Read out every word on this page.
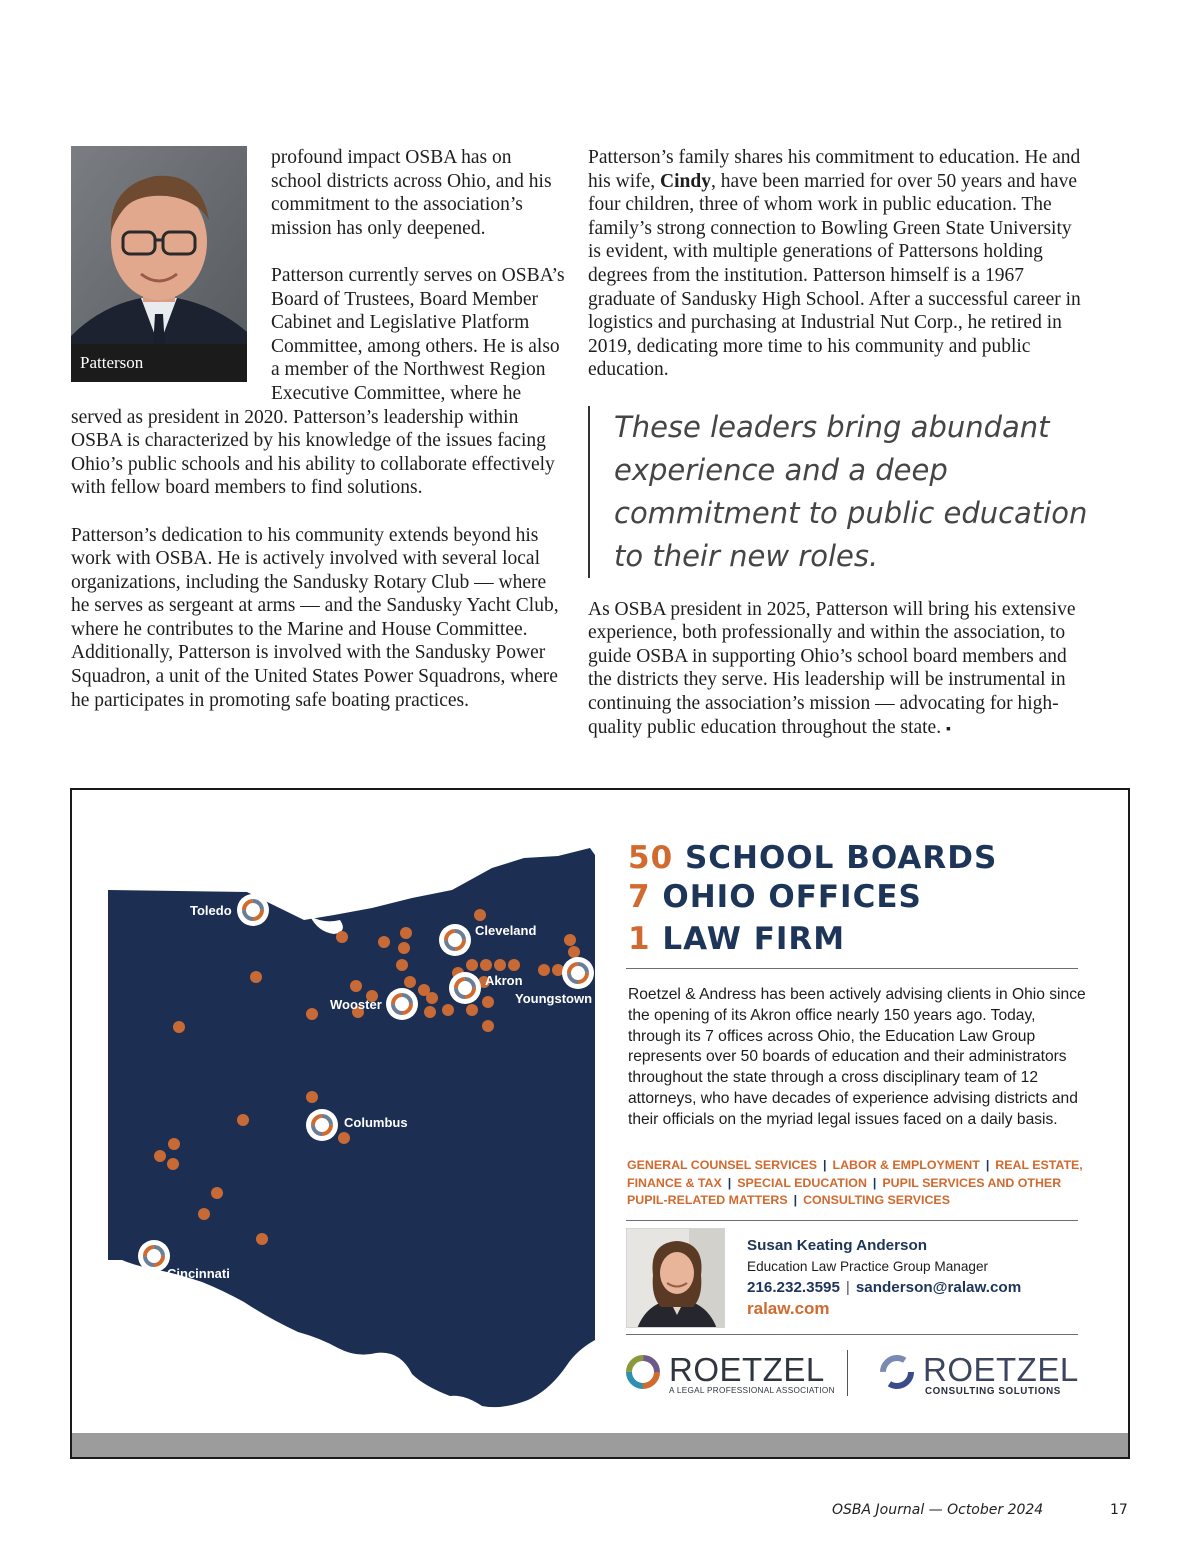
Patterson

profound impact OSBA has on school districts across Ohio, and his commitment to the association’s mission has only deepened.

Patterson currently serves on OSBA’s Board of Trustees, Board Member Cabinet and Legislative Platform Committee, among others. He is also a member of the Northwest Region Executive Committee, where he served as president in 2020. Patterson’s leadership within OSBA is characterized by his knowledge of the issues facing Ohio’s public schools and his ability to collaborate effectively with fellow board members to find solutions.

Patterson’s dedication to his community extends beyond his work with OSBA. He is actively involved with several local organizations, including the Sandusky Rotary Club — where he serves as sergeant at arms — and the Sandusky Yacht Club, where he contributes to the Marine and House Committee. Additionally, Patterson is involved with the Sandusky Power Squadron, a unit of the United States Power Squadrons, where he participates in promoting safe boating practices.

Patterson’s family shares his commitment to education. He and his wife, Cindy, have been married for over 50 years and have four children, three of whom work in public education. The family’s strong connection to Bowling Green State University is evident, with multiple generations of Pattersons holding degrees from the institution. Patterson himself is a 1967 graduate of Sandusky High School. After a successful career in logistics and purchasing at Industrial Nut Corp., he retired in 2019, dedicating more time to his community and public education.

These leaders bring abundant experience and a deep commitment to public education to their new roles.

As OSBA president in 2025, Patterson will bring his extensive experience, both professionally and within the association, to guide OSBA in supporting Ohio’s school board members and the districts they serve. His leadership will be instrumental in continuing the association’s mission — advocating for high-quality public education throughout the state. ▪

Toledo
Cleveland
Akron
Youngstown
Wooster
Columbus
Cincinnati
50 SCHOOL BOARDS
7 OHIO OFFICES
1 LAW FIRM
Roetzel & Andress has been actively advising clients in Ohio since the opening of its Akron office nearly 150 years ago. Today, through its 7 offices across Ohio, the Education Law Group represents over 50 boards of education and their administrators throughout the state through a cross disciplinary team of 12 attorneys, who have decades of experience advising districts and their officials on the myriad legal issues faced on a daily basis.
GENERAL COUNSEL SERVICES | LABOR & EMPLOYMENT | REAL ESTATE, FINANCE & TAX | SPECIAL EDUCATION | PUPIL SERVICES AND OTHER PUPIL-RELATED MATTERS | CONSULTING SERVICES
Susan Keating Anderson
Education Law Practice Group Manager
216.232.3595 | sanderson@ralaw.com
ralaw.com
ROETZEL
A LEGAL PROFESSIONAL ASSOCIATION
ROETZEL
CONSULTING SOLUTIONS
OSBA Journal — October 2024	17
